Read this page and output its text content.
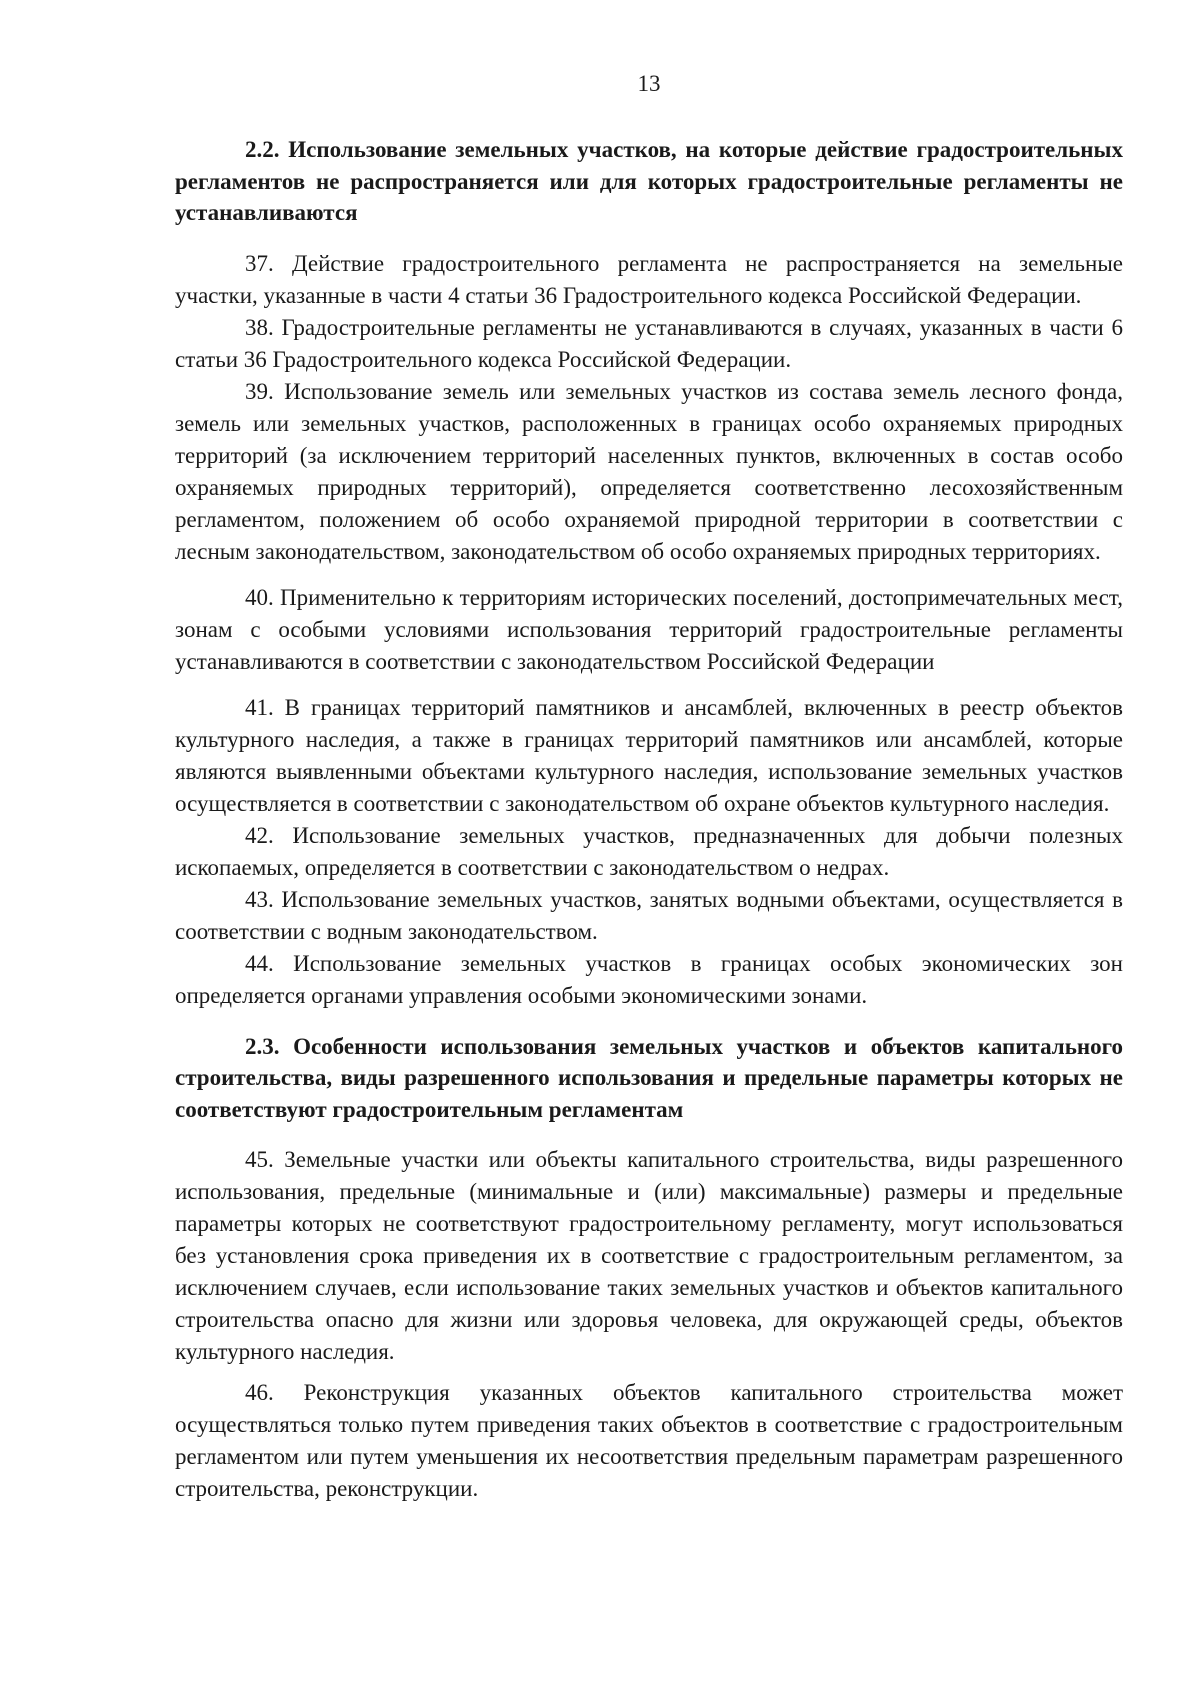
13

2.2. Использование земельных участков, на которые действие градостроительных регламентов не распространяется или для которых градостроительные регламенты не устанавливаются

37. Действие градостроительного регламента не распространяется на земельные участки, указанные в части 4 статьи 36 Градостроительного кодекса Российской Федерации.

38. Градостроительные регламенты не устанавливаются в случаях, указанных в части 6 статьи 36 Градостроительного кодекса Российской Федерации.

39. Использование земель или земельных участков из состава земель лесного фонда, земель или земельных участков, расположенных в границах особо охраняемых природных территорий (за исключением территорий населенных пунктов, включенных в состав особо охраняемых природных территорий), определяется соответственно лесохозяйственным регламентом, положением об особо охраняемой природной территории в соответствии с лесным законодательством, законодательством об особо охраняемых природных территориях.

40. Применительно к территориям исторических поселений, достопримечательных мест, зонам с особыми условиями использования территорий градостроительные регламенты устанавливаются в соответствии с законодательством Российской Федерации

41. В границах территорий памятников и ансамблей, включенных в реестр объектов культурного наследия, а также в границах территорий памятников или ансамблей, которые являются выявленными объектами культурного наследия, использование земельных участков осуществляется в соответствии с законодательством об охране объектов культурного наследия.

42. Использование земельных участков, предназначенных для добычи полезных ископаемых, определяется в соответствии с законодательством о недрах.

43. Использование земельных участков, занятых водными объектами, осуществляется в соответствии с водным законодательством.

44. Использование земельных участков в границах особых экономических зон определяется органами управления особыми экономическими зонами.

2.3. Особенности использования земельных участков и объектов капитального строительства, виды разрешенного использования и предельные параметры которых не соответствуют градостроительным регламентам

45. Земельные участки или объекты капитального строительства, виды разрешенного использования, предельные (минимальные и (или) максимальные) размеры и предельные параметры которых не соответствуют градостроительному регламенту, могут использоваться без установления срока приведения их в соответствие с градостроительным регламентом, за исключением случаев, если использование таких земельных участков и объектов капитального строительства опасно для жизни или здоровья человека, для окружающей среды, объектов культурного наследия.

46. Реконструкция указанных объектов капитального строительства может осуществляться только путем приведения таких объектов в соответствие с градостроительным регламентом или путем уменьшения их несоответствия предельным параметрам разрешенного строительства, реконструкции.
